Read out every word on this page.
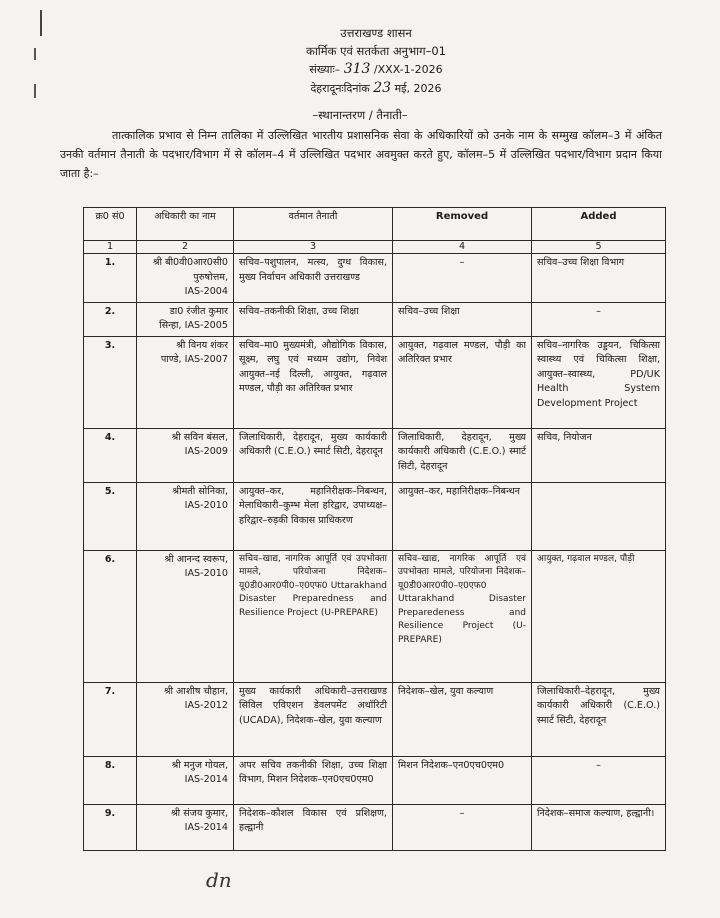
उत्तराखण्ड शासन
कार्मिक एवं सतर्कता अनुभाग–01
संख्याः– 313 /XXX-1-2026
देहरादूनःदिनांक 23 मई, 2026
–स्थानान्तरण / तैनाती–

तात्कालिक प्रभाव से निम्न तालिका में उल्लिखित भारतीय प्रशासनिक सेवा के अधिकारियों को उनके नाम के सम्मुख कॉलम–3 में अंकित उनकी वर्तमान तैनाती के पदभार/विभाग में से कॉलम–4 में उल्लिखित पदभार अवमुक्त करते हुए, कॉलम–5 में उल्लिखित पदभार/विभाग प्रदान किया जाता है:–

क्र0 सं0	अधिकारी का नाम	वर्तमान तैनाती	Removed	Added
1	2	3	4	5
1.	श्री बी0वी0आर0सी0
पुरुषोत्तम,
IAS-2004	सचिव–पशुपालन, मत्स्य, दुग्ध विकास, मुख्य निर्वाचन अधिकारी उत्तराखण्ड	–	सचिव–उच्च शिक्षा विभाग
2.	डा0 रंजीत कुमार
सिन्हा, IAS-2005	सचिव–तकनीकी शिक्षा, उच्च शिक्षा	सचिव–उच्च शिक्षा	–
3.	श्री विनय शंकर
पाण्डे, IAS-2007	सचिव–मा0 मुख्यमंत्री, औद्योगिक विकास, सूक्ष्म, लघु एवं मध्यम उद्योग, निवेश आयुक्त–नई दिल्ली, आयुक्त, गढ़वाल मण्डल, पौड़ी का अतिरिक्त प्रभार	आयुक्त, गढ़वाल मण्डल, पौड़ी का अतिरिक्त प्रभार	सचिव–नागरिक उड्डयन, चिकित्सा स्वास्थ्य एवं चिकित्सा शिक्षा, आयुक्त–स्वास्थ्य, PD/UK Health System Development Project
4.	श्री सविन बंसल,
IAS-2009	जिलाधिकारी, देहरादून, मुख्य कार्यकारी अधिकारी (C.E.O.) स्मार्ट सिटी, देहरादून	जिलाधिकारी, देहरादून, मुख्य कार्यकारी अधिकारी (C.E.O.) स्मार्ट सिटी, देहरादून	सचिव, नियोजन
5.	श्रीमती सोनिका,
IAS-2010	आयुक्त–कर, महानिरीक्षक–निबन्धन, मेलाधिकारी–कुम्भ मेला हरिद्वार, उपाध्यक्ष–हरिद्वार–रुड़की विकास प्राधिकरण	आयुक्त–कर, महानिरीक्षक–निबन्धन	
6.	श्री आनन्द स्वरूप,
IAS-2010	सचिव–खाद्य, नागरिक आपूर्ति एवं उपभोक्ता मामले, परियोजना निदेशक–यू0डी0आर0पी0–ए0एफ0 Uttarakhand Disaster Preparedness and Resilience Project (U-PREPARE)	सचिव–खाद्य, नागरिक आपूर्ति एवं उपभोक्ता मामले, परियोजना निदेशक–यू0डी0आर0पी0–ए0एफ0 Uttarakhand Disaster Preparedeness and Resilience Project (U-PREPARE)	आयुक्त, गढ़वाल मण्डल, पौड़ी
7.	श्री आशीष चौहान,
IAS-2012	मुख्य कार्यकारी अधिकारी–उत्तराखण्ड सिविल एविएशन डेवलपमेंट अथॉरिटी (UCADA), निदेशक–खेल, युवा कल्याण	निदेशक–खेल, युवा कल्याण	जिलाधिकारी–देहरादून, मुख्य कार्यकारी अधिकारी (C.E.O.) स्मार्ट सिटी, देहरादून
8.	श्री मनुज गोयल,
IAS-2014	अपर सचिव तकनीकी शिक्षा, उच्च शिक्षा विभाग, मिशन निदेशक–एन0एच0एम0	मिशन निदेशक–एन0एच0एम0	–
9.	श्री संजय कुमार,
IAS-2014	निदेशक–कौशल विकास एवं प्रशिक्षण, हल्द्वानी	–	निदेशक–समाज कल्याण, हल्द्वानी।
dn
